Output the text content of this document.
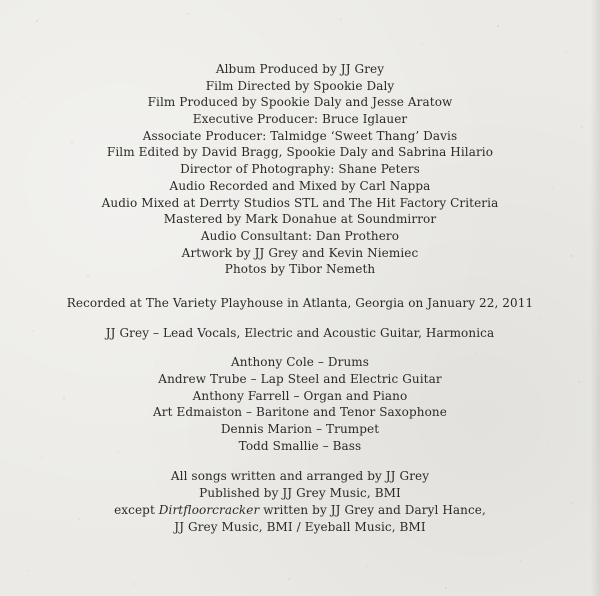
Album Produced by JJ Grey
Film Directed by Spookie Daly
Film Produced by Spookie Daly and Jesse Aratow
Executive Producer: Bruce Iglauer
Associate Producer: Talmidge ‘Sweet Thang’ Davis
Film Edited by David Bragg, Spookie Daly and Sabrina Hilario
Director of Photography: Shane Peters
Audio Recorded and Mixed by Carl Nappa
Audio Mixed at Derrty Studios STL and The Hit Factory Criteria
Mastered by Mark Donahue at Soundmirror
Audio Consultant: Dan Prothero
Artwork by JJ Grey and Kevin Niemiec
Photos by Tibor Nemeth
Recorded at The Variety Playhouse in Atlanta, Georgia on January 22, 2011
JJ Grey – Lead Vocals, Electric and Acoustic Guitar, Harmonica
Anthony Cole – Drums
Andrew Trube – Lap Steel and Electric Guitar
Anthony Farrell – Organ and Piano
Art Edmaiston – Baritone and Tenor Saxophone
Dennis Marion – Trumpet
Todd Smallie – Bass
All songs written and arranged by JJ Grey
Published by JJ Grey Music, BMI
except Dirtfloorcracker written by JJ Grey and Daryl Hance,
JJ Grey Music, BMI / Eyeball Music, BMI
